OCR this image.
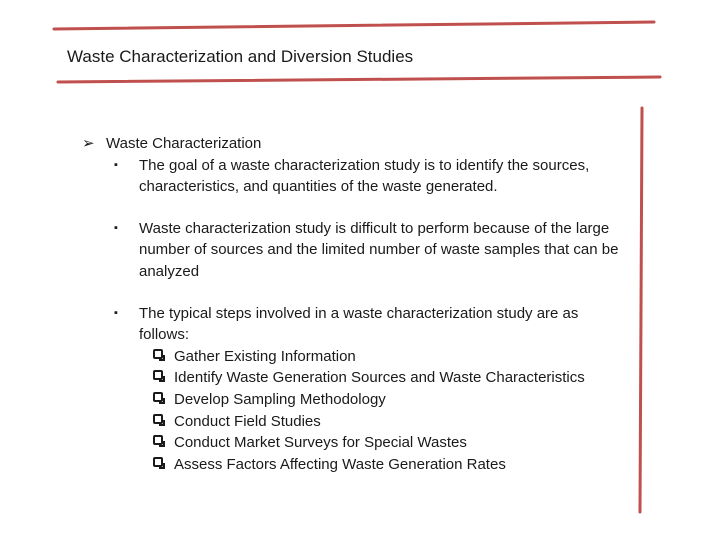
Waste Characterization and Diversion Studies
➢ Waste Characterization
▪ The goal of a waste characterization study is to identify the sources, characteristics, and quantities of the waste generated.
▪ Waste characterization study is difficult to perform because of the large number of sources and the limited number of waste samples that can be analyzed
▪ The typical steps involved in a waste characterization study are as follows:
Gather Existing Information
Identify Waste Generation Sources and Waste Characteristics
Develop Sampling Methodology
Conduct Field Studies
Conduct Market Surveys for Special Wastes
Assess Factors Affecting Waste Generation Rates
